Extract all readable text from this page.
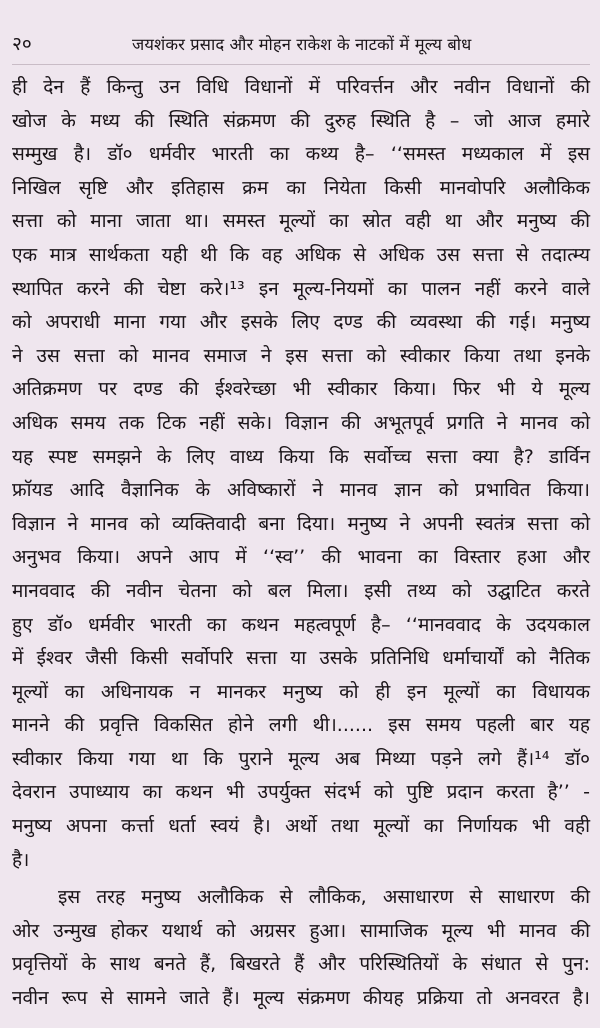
२०	जयशंकर प्रसाद और मोहन राकेश के नाटकों में मूल्य बोध
ही देन हैं किन्तु उन विधि विधानों में परिवर्त्तन और नवीन विधानों की
खोज के मध्य की स्थिति संक्रमण की दुरुह स्थिति है – जो आज हमारे
सम्मुख है। डॉ० धर्मवीर भारती का कथ्य है– ‘‘समस्त मध्यकाल में इस
निखिल सृष्टि और इतिहास क्रम का नियेता किसी मानवोपरि अलौकिक
सत्ता को माना जाता था। समस्त मूल्यों का स्रोत वही था और मनुष्य की
एक मात्र सार्थकता यही थी कि वह अधिक से अधिक उस सत्ता से तदात्म्य
स्थापित करने की चेष्टा करे।¹³ इन मूल्य-नियमों का पालन नहीं करने वाले
को अपराधी माना गया और इसके लिए दण्ड की व्यवस्था की गई। मनुष्य
ने उस सत्ता को मानव समाज ने इस सत्ता को स्वीकार किया तथा इनके
अतिक्रमण पर दण्ड की ईश्वरेच्छा भी स्वीकार किया। फिर भी ये मूल्य
अधिक समय तक टिक नहीं सके। विज्ञान की अभूतपूर्व प्रगति ने मानव को
यह स्पष्ट समझने के लिए वाध्य किया कि सर्वोच्च सत्ता क्या है? डार्विन
फ्रॉयड आदि वैज्ञानिक के अविष्कारों ने मानव ज्ञान को प्रभावित किया।
विज्ञान ने मानव को व्यक्तिवादी बना दिया। मनुष्य ने अपनी स्वतंत्र सत्ता को
अनुभव किया। अपने आप में ‘‘स्व’’ की भावना का विस्तार हआ और
मानववाद की नवीन चेतना को बल मिला। इसी तथ्य को उद्घाटित करते
हुए डॉ० धर्मवीर भारती का कथन महत्वपूर्ण है– ‘‘मानववाद के उदयकाल
में ईश्वर जैसी किसी सर्वोपरि सत्ता या उसके प्रतिनिधि धर्माचार्यों को नैतिक
मूल्यों का अधिनायक न मानकर मनुष्य को ही इन मूल्यों का विधायक
मानने की प्रवृत्ति विकसित होने लगी थी।...... इस समय पहली बार यह
स्वीकार किया गया था कि पुराने मूल्य अब मिथ्या पड़ने लगे हैं।¹⁴ डॉ०
देवरान उपाध्याय का कथन भी उपर्युक्त संदर्भ को पुष्टि प्रदान करता है’’ -
मनुष्य अपना कर्त्ता धर्ता स्वयं है। अर्थो तथा मूल्यों का निर्णायक भी वही
है।
इस तरह मनुष्य अलौकिक से लौकिक, असाधारण से साधारण की
ओर उन्मुख होकर यथार्थ को अग्रसर हुआ। सामाजिक मूल्य भी मानव की
प्रवृत्तियों के साथ बनते हैं, बिखरते हैं और परिस्थितियों के संधात से पुन:
नवीन रूप से सामने जाते हैं। मूल्य संक्रमण कीयह प्रक्रिया तो अनवरत है।
